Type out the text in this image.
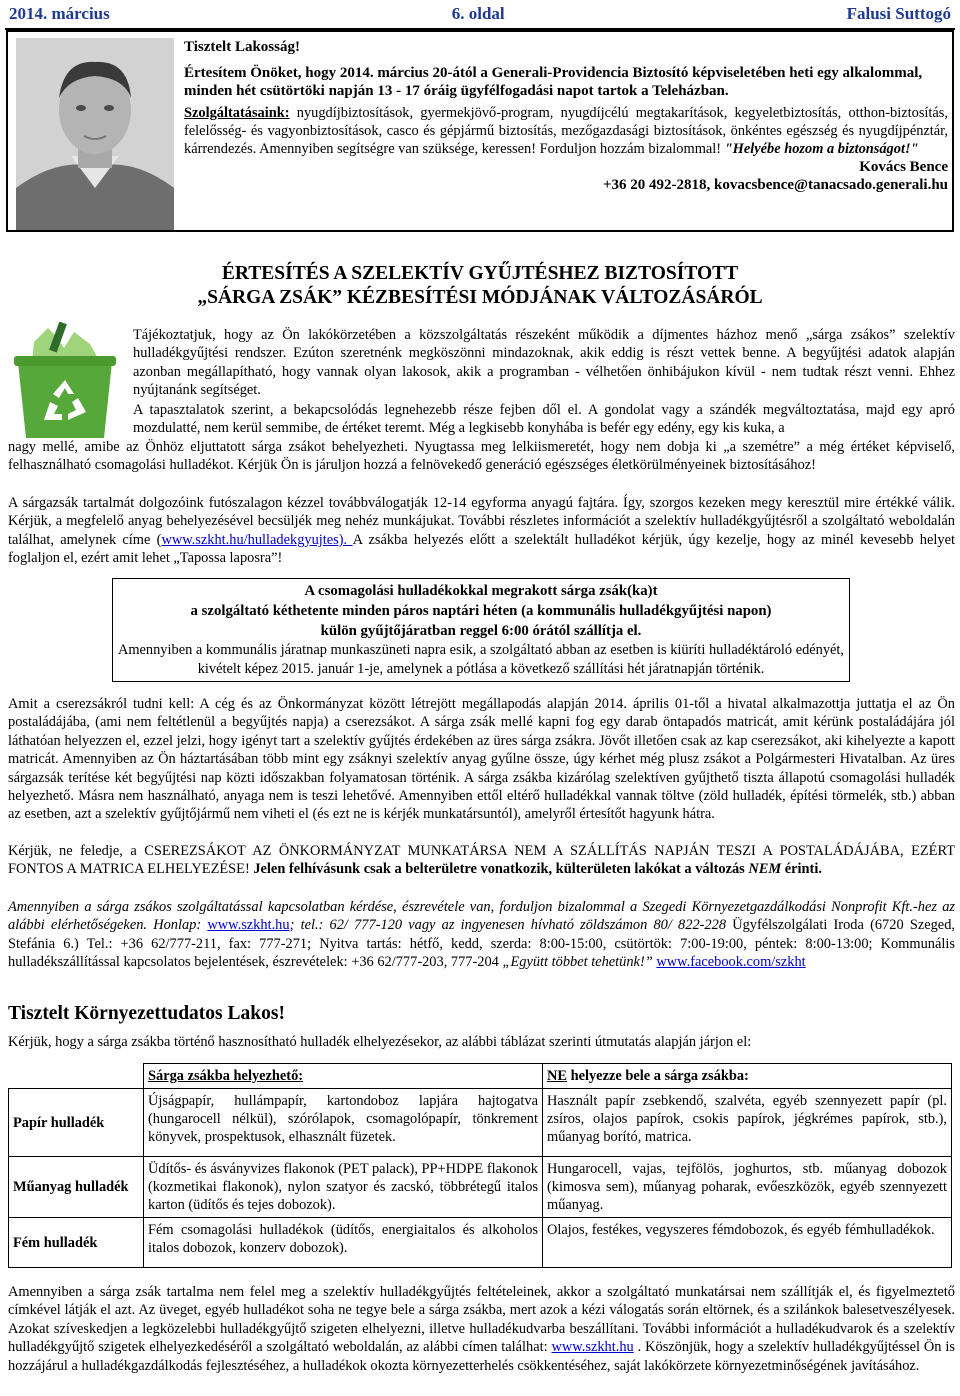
2014. március	6. oldal	Falusi Suttogó

Tisztelt Lakosság!

Értesítem Önöket, hogy 2014. március 20-ától a Generali-Providencia Biztosító képviseletében heti egy alkalommal, minden hét csütörtöki napján 13 - 17 óráig ügyfélfogadási napot tartok a Teleházban.

Szolgáltatásaink: nyugdíjbiztosítások, gyermekjövő-program, nyugdíjcélú megtakarítások, kegyeletbiztosítás, otthon-biztosítás, felelősség- és vagyonbiztosítások, casco és gépjármű biztosítás, mezőgazdasági biztosítások, önkéntes egészség és nyugdíjpénztár, kárrendezés. Amennyiben segítségre van szüksége, keressen! Forduljon hozzám bizalommal! "Helyébe hozom a biztonságot!"

Kovács Bence

+36 20 492-2818, kovacsbence@tanacsado.generali.hu

ÉRTESÍTÉS A SZELEKTÍV GYŰJTÉSHEZ BIZTOSÍTOTT
„SÁRGA ZSÁK” KÉZBESÍTÉSI MÓDJÁNAK VÁLTOZÁSÁRÓL
Tájékoztatjuk, hogy az Ön lakókörzetében a közszolgáltatás részeként működik a díjmentes házhoz menő „sárga zsákos” szelektív hulladékgyűjtési rendszer. Ezúton szeretnénk megköszönni mindazoknak, akik eddig is részt vettek benne. A begyűjtési adatok alapján azonban megállapítható, hogy vannak olyan lakosok, akik a programban - vélhetően önhibájukon kívül - nem tudtak részt venni. Ehhez nyújtanánk segítséget.
A tapasztalatok szerint, a bekapcsolódás legnehezebb része fejben dől el. A gondolat vagy a szándék megváltoztatása, majd egy apró mozdulatté, nem kerül semmibe, de értéket teremt. Még a legkisebb konyhába is befér egy edény, egy kis kuka, a
nagy mellé, amibe az Önhöz eljuttatott sárga zsákot behelyezheti. Nyugtassa meg lelkiismeretét, hogy nem dobja ki „a szemétre” a még értéket képviselő, felhasználható csomagolási hulladékot. Kérjük Ön is járuljon hozzá a felnövekedő generáció egészséges életkörülményeinek biztosításához!
A sárgazsák tartalmát dolgozóink futószalagon kézzel továbbválogatják 12-14 egyforma anyagú fajtára. Így, szorgos kezeken megy keresztül mire értékké válik. Kérjük, a megfelelő anyag behelyezésével becsüljék meg nehéz munkájukat. További részletes információt a szelektív hulladékgyűjtésről a szolgáltató weboldalán találhat, amelynek címe (www.szkht.hu/hulladekgyujtes). A zsákba helyezés előtt a szelektált hulladékot kérjük, úgy kezelje, hogy az minél kevesebb helyet foglaljon el, ezért amit lehet „Tapossa laposra”!
A csomagolási hulladékokkal megrakott sárga zsák(ka)t
a szolgáltató kéthetente minden páros naptári héten (a kommunális hulladékgyűjtési napon)
külön gyűjtőjáratban reggel 6:00 órától szállítja el.
Amennyiben a kommunális járatnap munkaszüneti napra esik, a szolgáltató abban az esetben is kiüríti hulladéktároló edényét, kivételt képez 2015. január 1-je, amelynek a pótlása a következő szállítási hét járatnapján történik.
Amit a cserezsákról tudni kell: A cég és az Önkormányzat között létrejött megállapodás alapján 2014. április 01-től a hivatal alkalmazottja juttatja el az Ön postaládájába, (ami nem feltétlenül a begyűjtés napja) a cserezsákot. A sárga zsák mellé kapni fog egy darab öntapadós matricát, amit kérünk postaládájára jól láthatóan helyezzen el, ezzel jelzi, hogy igényt tart a szelektív gyűjtés érdekében az üres sárga zsákra. Jövőt illetően csak az kap cserezsákot, aki kihelyezte a kapott matricát. Amennyiben az Ön háztartásában több mint egy zsáknyi szelektív anyag gyűlne össze, úgy kérhet még plusz zsákot a Polgármesteri Hivatalban. Az üres sárgazsák terítése két begyűjtési nap közti időszakban folyamatosan történik. A sárga zsákba kizárólag szelektíven gyűjthető tiszta állapotú csomagolási hulladék helyezhető. Másra nem használható, anyaga nem is teszi lehetővé. Amennyiben ettől eltérő hulladékkal vannak töltve (zöld hulladék, építési törmelék, stb.) abban az esetben, azt a szelektív gyűjtőjármű nem viheti el (és ezt ne is kérjék munkatársuntól), amelyről értesítőt hagyunk hátra.
Kérjük, ne feledje, a CSEREZSÁKOT AZ ÖNKORMÁNYZAT MUNKATÁRSA NEM A SZÁLLÍTÁS NAPJÁN TESZI A POSTALÁDÁJÁBA, EZÉRT FONTOS A MATRICA ELHELYEZÉSE! Jelen felhívásunk csak a belterületre vonatkozik, külterületen lakókat a változás NEM érinti.
Amennyiben a sárga zsákos szolgáltatással kapcsolatban kérdése, észrevétele van, forduljon bizalommal a Szegedi Környezetgazdálkodási Nonprofit Kft.-hez az alábbi elérhetőségeken. Honlap: www.szkht.hu; tel.: 62/ 777-120 vagy az ingyenesen hívható zöldszámon 80/ 822-228 Ügyfélszolgálati Iroda (6720 Szeged, Stefánia 6.) Tel.: +36 62/777-211, fax: 777-271; Nyitva tartás: hétfő, kedd, szerda: 8:00-15:00, csütörtök: 7:00-19:00, péntek: 8:00-13:00; Kommunális hulladékszállítással kapcsolatos bejelentések, észrevételek: +36 62/777-203, 777-204 „Együtt többet tehetünk!” www.facebook.com/szkht
Tisztelt Környezettudatos Lakos!
Kérjük, hogy a sárga zsákba történő hasznosítható hulladék elhelyezésekor, az alábbi táblázat szerinti útmutatás alapján járjon el:
	Sárga zsákba helyezhető:	NE helyezze bele a sárga zsákba:
Papír hulladék	Újságpapír, hullámpapír, kartondoboz lapjára hajtogatva (hungarocell nélkül), szórólapok, csomagolópapír, tönkrement könyvek, prospektusok, elhasznált füzetek.	Használt papír zsebkendő, szalvéta, egyéb szennyezett papír (pl. zsíros, olajos papírok, csokis papírok, jégkrémes papírok, stb.), műanyag borító, matrica.
Műanyag hulladék	Üdítős- és ásványvizes flakonok (PET palack), PP+HDPE flakonok (kozmetikai flakonok), nylon szatyor és zacskó, többrétegű italos karton (üdítős és tejes dobozok).	Hungarocell, vajas, tejfölös, joghurtos, stb. műanyag dobozok (kimosva sem), műanyag poharak, evőeszközök, egyéb szennyezett műanyag.
Fém hulladék	Fém csomagolási hulladékok (üdítős, energiaitalos és alkoholos italos dobozok, konzerv dobozok).	Olajos, festékes, vegyszeres fémdobozok, és egyéb fémhulladékok.
Amennyiben a sárga zsák tartalma nem felel meg a szelektív hulladékgyűjtés feltételeinek, akkor a szolgáltató munkatársai nem szállítják el, és figyelmeztető címkével látják el azt. Az üveget, egyéb hulladékot soha ne tegye bele a sárga zsákba, mert azok a kézi válogatás során eltörnek, és a szilánkok balesetveszélyesek. Azokat szíveskedjen a legközelebbi hulladékgyűjtő szigeten elhelyezni, illetve hulladékudvarba beszállítani. További információt a hulladékudvarok és a szelektív hulladékgyűjtő szigetek elhelyezkedéséről a szolgáltató weboldalán, az alábbi címen találhat: www.szkht.hu . Köszönjük, hogy a szelektív hulladékgyűjtéssel Ön is hozzájárul a hulladékgazdálkodás fejlesztéséhez, a hulladékok okozta környezetterhelés csökkentéséhez, saját lakókörzete környezetminőségének javításához.
